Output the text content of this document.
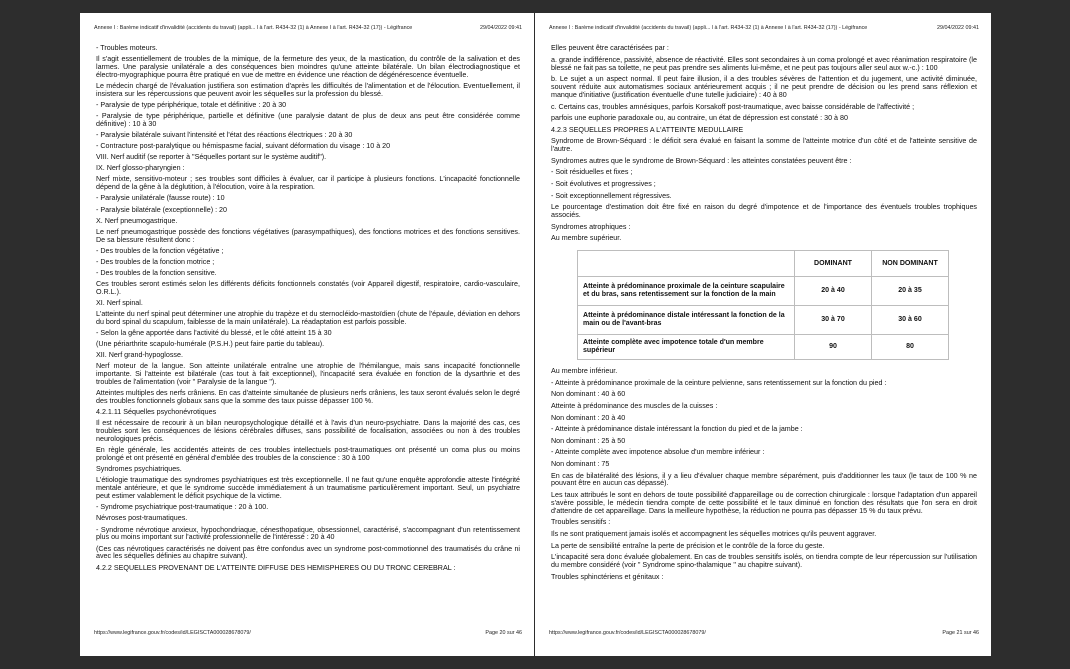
Annexe I : Barème indicatif d'invalidité (accidents du travail) (appli... l à l'art. R434-32 (1) à Annexe I à l'art. R434-32 (17)) - Légifrance	29/04/2022 09:41

- Troubles moteurs.

Il s'agit essentiellement de troubles de la mimique, de la fermeture des yeux, de la mastication, du contrôle de la salivation et des larmes. Une paralysie unilatérale a des conséquences bien moindres qu'une atteinte bilatérale. Un bilan électrodiagnostique et électro-myographique pourra être pratiqué en vue de mettre en évidence une réaction de dégénérescence éventuelle.

Le médecin chargé de l'évaluation justifiera son estimation d'après les difficultés de l'alimentation et de l'élocution. Eventuellement, il insistera sur les répercussions que peuvent avoir les séquelles sur la profession du blessé.

- Paralysie de type périphérique, totale et définitive : 20 à 30

- Paralysie de type périphérique, partielle et définitive (une paralysie datant de plus de deux ans peut être considérée comme définitive) : 10 à 30

- Paralysie bilatérale suivant l'intensité et l'état des réactions électriques : 20 à 30

- Contracture post-paralytique ou hémispasme facial, suivant déformation du visage : 10 à 20

VIII. Nerf auditif (se reporter à "Séquelles portant sur le système auditif").

IX. Nerf glosso-pharyngien :

Nerf mixte, sensitivo-moteur ; ses troubles sont difficiles à évaluer, car il participe à plusieurs fonctions. L'incapacité fonctionnelle dépend de la gêne à la déglutition, à l'élocution, voire à la respiration.

- Paralysie unilatérale (fausse route) : 10

- Paralysie bilatérale (exceptionnelle) : 20

X. Nerf pneumogastrique.

Le nerf pneumogastrique possède des fonctions végétatives (parasympathiques), des fonctions motrices et des fonctions sensitives. De sa blessure résultent donc :

- Des troubles de la fonction végétative ;

- Des troubles de la fonction motrice ;

- Des troubles de la fonction sensitive.

Ces troubles seront estimés selon les différents déficits fonctionnels constatés (voir Appareil digestif, respiratoire, cardio-vasculaire, O.R.L.).

XI. Nerf spinal.

L'atteinte du nerf spinal peut déterminer une atrophie du trapèze et du sternocléido-mastoïdien (chute de l'épaule, déviation en dehors du bord spinal du scapulum, faiblesse de la main unilatérale). La réadaptation est parfois possible.

- Selon la gêne apportée dans l'activité du blessé, et le côté atteint 15 à 30

(Une périarthrite scapulo-humérale (P.S.H.) peut faire partie du tableau).

XII. Nerf grand-hypoglosse.

Nerf moteur de la langue. Son atteinte unilatérale entraîne une atrophie de l'hémilangue, mais sans incapacité fonctionnelle importante. Si l'atteinte est bilatérale (cas tout à fait exceptionnel), l'incapacité sera évaluée en fonction de la dysarthrie et des troubles de l'alimentation (voir " Paralysie de la langue ").

Atteintes multiples des nerfs crâniens. En cas d'atteinte simultanée de plusieurs nerfs crâniens, les taux seront évalués selon le degré des troubles fonctionnels globaux sans que la somme des taux puisse dépasser 100 %.

4.2.1.11 Séquelles psychonévrotiques

Il est nécessaire de recourir à un bilan neuropsychologique détaillé et à l'avis d'un neuro-psychiatre. Dans la majorité des cas, ces troubles sont les conséquences de lésions cérébrales diffuses, sans possibilité de focalisation, associées ou non à des troubles neurologiques précis.

En règle générale, les accidentés atteints de ces troubles intellectuels post-traumatiques ont présenté un coma plus ou moins prolongé et ont présenté en général d'emblée des troubles de la conscience : 30 à 100

Syndromes psychiatriques.

L'étiologie traumatique des syndromes psychiatriques est très exceptionnelle. Il ne faut qu'une enquête approfondie atteste l'intégrité mentale antérieure, et que le syndrome succède immédiatement à un traumatisme particulièrement important. Seul, un psychiatre peut estimer valablement le déficit psychique de la victime.

- Syndrome psychiatrique post-traumatique : 20 à 100.

Névroses post-traumatiques.

- Syndrome névrotique anxieux, hypochondriaque, cénesthopatique, obsessionnel, caractérisé, s'accompagnant d'un retentissement plus ou moins important sur l'activité professionnelle de l'intéressé : 20 à 40

(Ces cas névrotiques caractérisés ne doivent pas être confondus avec un syndrome post-commotionnel des traumatisés du crâne ni avec les séquelles définies au chapitre suivant).

4.2.2 SEQUELLES PROVENANT DE L'ATTEINTE DIFFUSE DES HEMISPHERES OU DU TRONC CEREBRAL :

https://www.legifrance.gouv.fr/codes/id/LEGISCTA000028678079/	Page 20 sur 46
Annexe I : Barème indicatif d'invalidité (accidents du travail) (appli... l à l'art. R434-32 (1) à Annexe I à l'art. R434-32 (17)) - Légifrance	29/04/2022 09:41

Elles peuvent être caractérisées par :

a. grande indifférence, passivité, absence de réactivité. Elles sont secondaires à un coma prolongé et avec réanimation respiratoire (le blessé ne fait pas sa toilette, ne peut pas prendre ses aliments lui-même, et ne peut pas toujours aller seul aux w.-c.) : 100

b. Le sujet a un aspect normal. Il peut faire illusion, il a des troubles sévères de l'attention et du jugement, une activité diminuée, souvent réduite aux automatismes sociaux antérieurement acquis ; il ne peut prendre de décision ou les prend sans réflexion et manque d'initiative (justification éventuelle d'une tutelle judiciaire) : 40 à 80

c. Certains cas, troubles amnésiques, parfois Korsakoff post-traumatique, avec baisse considérable de l'affectivité ;

parfois une euphorie paradoxale ou, au contraire, un état de dépression est constaté : 30 à 80

4.2.3 SEQUELLES PROPRES A L'ATTEINTE MEDULLAIRE

Syndrome de Brown-Séquard : le déficit sera évalué en faisant la somme de l'atteinte motrice d'un côté et de l'atteinte sensitive de l'autre.

Syndromes autres que le syndrome de Brown-Séquard : les atteintes constatées peuvent être :

- Soit résiduelles et fixes ;

- Soit évolutives et progressives ;

- Soit exceptionnellement régressives.

Le pourcentage d'estimation doit être fixé en raison du degré d'impotence et de l'importance des éventuels troubles trophiques associés.

Syndromes atrophiques :

Au membre supérieur.

	DOMINANT	NON DOMINANT
Atteinte à prédominance proximale de la ceinture scapulaire et du bras, sans retentissement sur la fonction de la main	20 à 40	20 à 35
Atteinte à prédominance distale intéressant la fonction de la main ou de l'avant-bras	30 à 70	30 à 60
Atteinte complète avec impotence totale d'un membre supérieur	90	80

Au membre inférieur.

- Atteinte à prédominance proximale de la ceinture pelvienne, sans retentissement sur la fonction du pied :

Non dominant : 40 à 60

Atteinte à prédominance des muscles de la cuisses :

Non dominant : 20 à 40

- Atteinte à prédominance distale intéressant la fonction du pied et de la jambe :

Non dominant : 25 à 50

- Atteinte complète avec impotence absolue d'un membre inférieur :

Non dominant : 75

En cas de bilatéralité des lésions, il y a lieu d'évaluer chaque membre séparément, puis d'additionner les taux (le taux de 100 % ne pouvant être en aucun cas dépassé).

Les taux attribués le sont en dehors de toute possibilité d'appareillage ou de correction chirurgicale : lorsque l'adaptation d'un appareil s'avère possible, le médecin tiendra compte de cette possibilité et le taux diminué en fonction des résultats que l'on sera en droit d'attendre de cet appareillage. Dans la meilleure hypothèse, la réduction ne pourra pas dépasser 15 % du taux prévu.

Troubles sensitifs :

Ils ne sont pratiquement jamais isolés et accompagnent les séquelles motrices qu'ils peuvent aggraver.

La perte de sensibilité entraîne la perte de précision et le contrôle de la force du geste.

L'incapacité sera donc évaluée globalement. En cas de troubles sensitifs isolés, on tiendra compte de leur répercussion sur l'utilisation du membre considéré (voir " Syndrome spino-thalamique " au chapitre suivant).

Troubles sphinctériens et génitaux :

https://www.legifrance.gouv.fr/codes/id/LEGISCTA000028678079/	Page 21 sur 46
